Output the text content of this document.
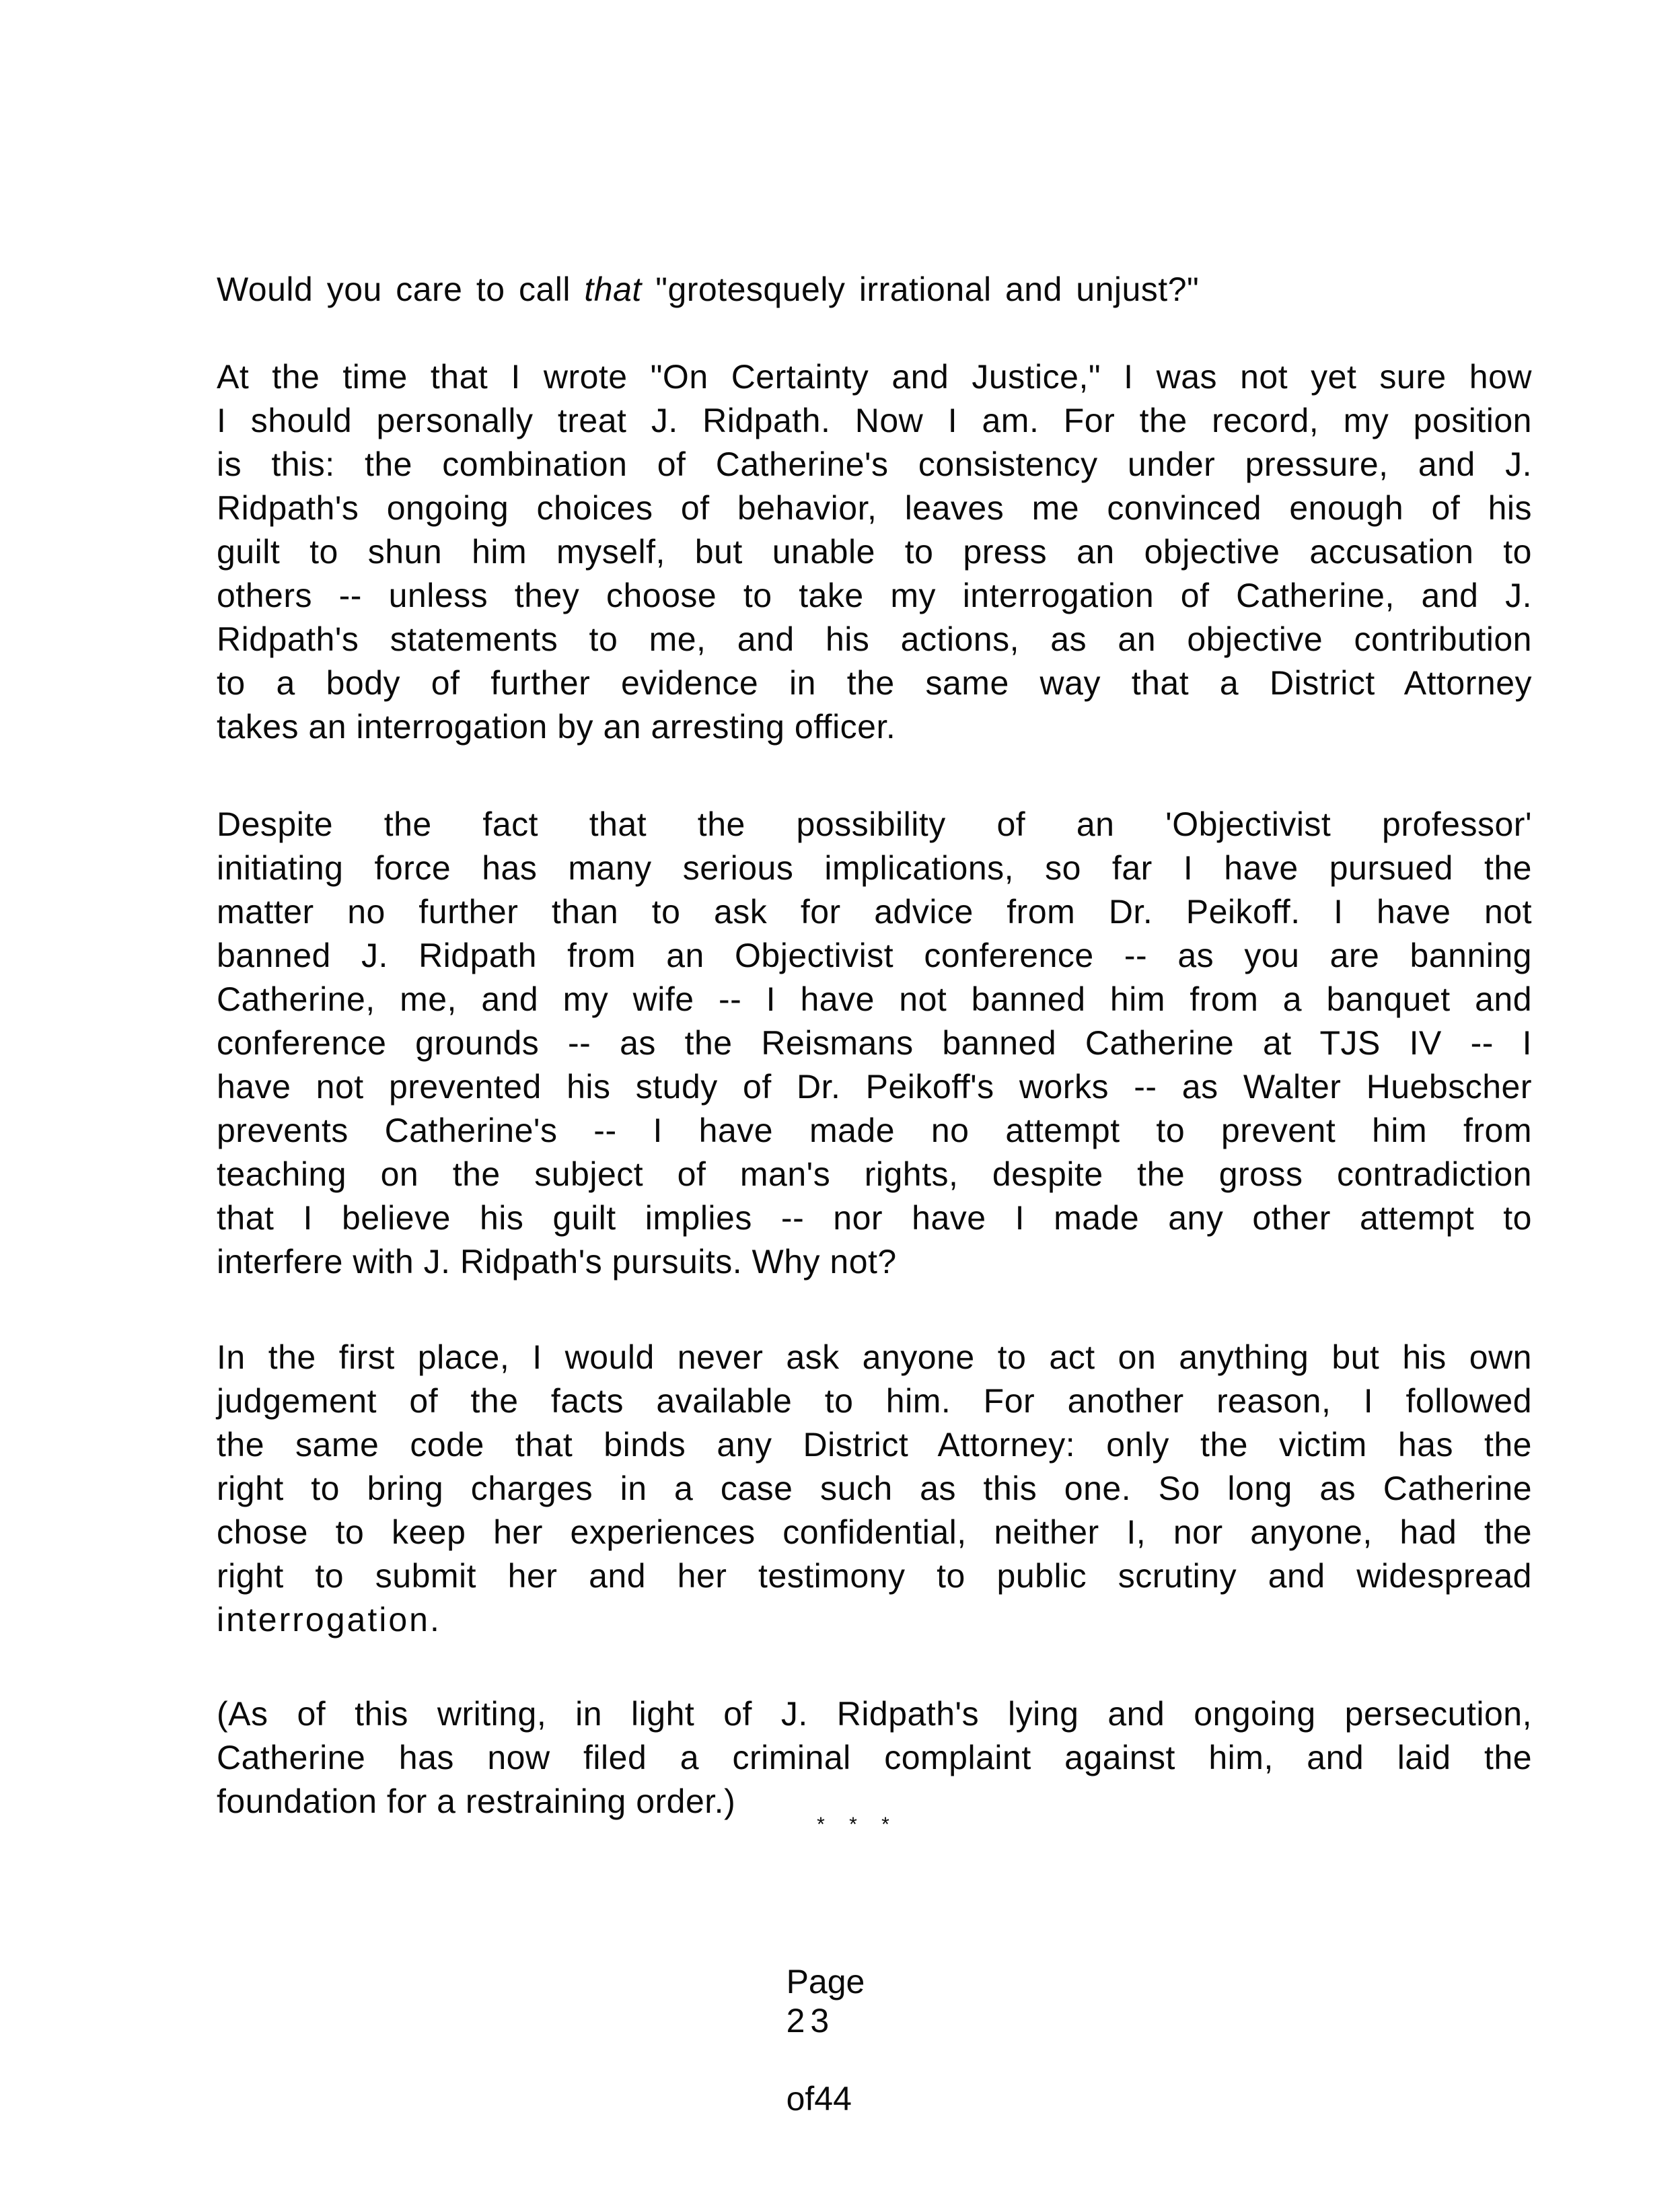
Would you care to call that "grotesquely irrational and unjust?"
At the time that I wrote "On Certainty and Justice," I was not yet sure how
I should personally treat J. Ridpath. Now I am. For the record, my position
is this: the combination of Catherine's consistency under pressure, and J.
Ridpath's ongoing choices of behavior, leaves me convinced enough of his
guilt to shun him myself, but unable to press an objective accusation to
others -- unless they choose to take my interrogation of Catherine, and J.
Ridpath's statements to me, and his actions, as an objective contribution
to a body of further evidence in the same way that a District Attorney
takes an interrogation by an arresting officer.
Despite the fact that the possibility of an 'Objectivist professor'
initiating force has many serious implications, so far I have pursued the
matter no further than to ask for advice from Dr. Peikoff. I have not
banned J. Ridpath from an Objectivist conference -- as you are banning
Catherine, me, and my wife -- I have not banned him from a banquet and
conference grounds -- as the Reismans banned Catherine at TJS IV -- I
have not prevented his study of Dr. Peikoff's works -- as Walter Huebscher
prevents Catherine's -- I have made no attempt to prevent him from
teaching on the subject of man's rights, despite the gross contradiction
that I believe his guilt implies -- nor have I made any other attempt to
interfere with J. Ridpath's pursuits. Why not?
In the first place, I would never ask anyone to act on anything but his own
judgement of the facts available to him. For another reason, I followed
the same code that binds any District Attorney: only the victim has the
right to bring charges in a case such as this one. So long as Catherine
chose to keep her experiences confidential, neither I, nor anyone, had the
right to submit her and her testimony to public scrutiny and widespread
interrogation.
(As of this writing, in light of J. Ridpath's lying and ongoing persecution,
Catherine has now filed a criminal complaint against him, and laid the
foundation for a restraining order.)
* * *

Page
23

of44
